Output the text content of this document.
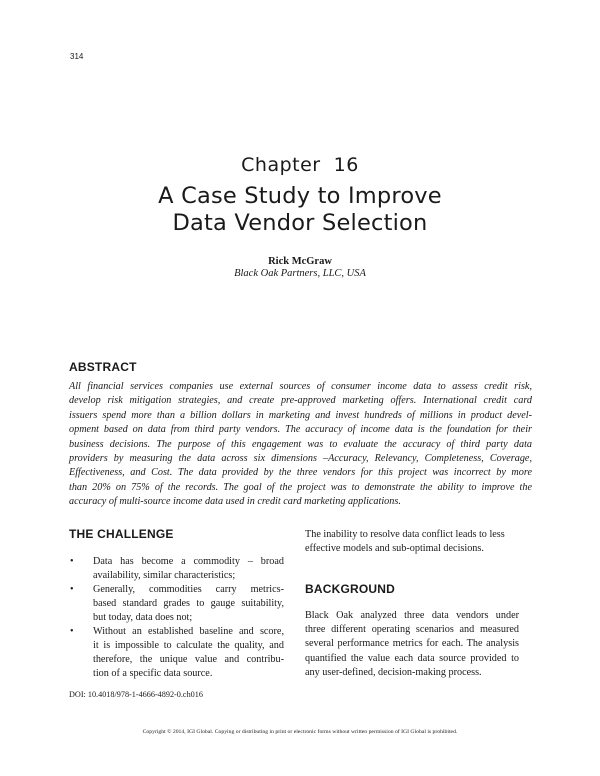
314
Chapter  16
A Case Study to Improve
Data Vendor Selection
Rick McGraw
Black Oak Partners, LLC, USA
ABSTRACT
All financial services companies use external sources of consumer income data to assess credit risk,
develop risk mitigation strategies, and create pre-approved marketing offers. International credit card
issuers spend more than a billion dollars in marketing and invest hundreds of millions in product devel-
opment based on data from third party vendors. The accuracy of income data is the foundation for their
business decisions. The purpose of this engagement was to evaluate the accuracy of third party data
providers by measuring the data across six dimensions –Accuracy, Relevancy, Completeness, Coverage,
Effectiveness, and Cost. The data provided by the three vendors for this project was incorrect by more
than 20% on 75% of the records. The goal of the project was to demonstrate the ability to improve the
accuracy of multi-source income data used in credit card marketing applications.
THE CHALLENGE
• Data has become a commodity – broad
availability, similar characteristics;
• Generally, commodities carry metrics-
based standard grades to gauge suitability,
but today, data does not;
• Without an established baseline and score,
it is impossible to calculate the quality, and
therefore, the unique value and contribu-
tion of a specific data source.
The inability to resolve data conflict leads to less
effective models and sub-optimal decisions.
BACKGROUND
Black Oak analyzed three data vendors under
three different operating scenarios and measured
several performance metrics for each. The analysis
quantified the value each data source provided to
any user-defined, decision-making process.
DOI: 10.4018/978-1-4666-4892-0.ch016
Copyright © 2014, IGI Global. Copying or distributing in print or electronic forms without written permission of IGI Global is prohibited.
